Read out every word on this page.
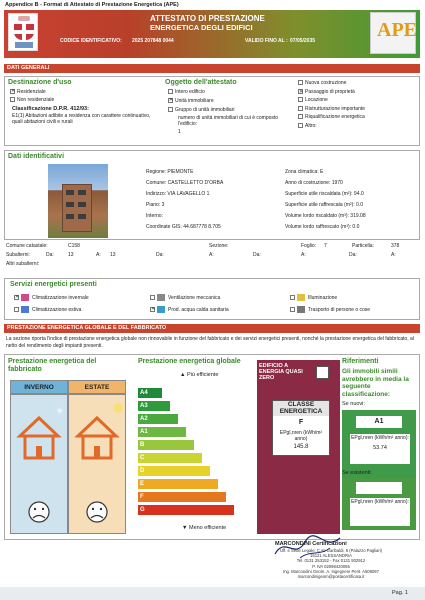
Appendice B - Format di Attestato di Prestazione Energetica (APE)
ATTESTATO DI PRESTAZIONE
ENERGETICA DEGLI EDIFICI
CODICE IDENTIFICATIVO: 2025 207848 0044	VALIDO FINO AL : 07/05/2035	APE
DATI GENERALI
Destinazione d'uso
✕Residenziale
Non residenziale
Classificazione D.P.R. 412/93:
E1(1) Abitazioni adibite a residenza con carattere continuativo, quali abitazioni civili e rurali
Oggetto dell'attestato
Intero edificio
✕Unità immobiliare
Gruppo di unità immobiliari
numero di unità immobiliari di cui è composto l'edificio:
1
Nuova costruzione
✕Passaggio di proprietà
Locazione
Ristrutturazione importante
Riqualificazione energetica
Altro:
Dati identificativi
Regione: PIEMONTE
Comune: CASTELLETTO D'ORBA
Indirizzo: VIA LAVAGELLO 1
Piano: 3
Interno:
Coordinate GIS: 44.687778 8.705
Zona climatica: E
Anno di costruzione: 1970
Superficie utile riscaldata (m²): 94.0
Superficie utile raffrescata (m²): 0.0
Volume lordo riscaldato (m³): 319.08
Volume lordo raffrescato (m³): 0.0
Comune catastale:	C158	Sezione:	Foglio: 7	Particella:	378
Subalterni:	Da:	13	A: 13	Da:	A:	Da:	A:	Da:	A:
Altri subalterni:
Servizi energetici presenti
✕Climatizzazione invernale
Climatizzazione estiva
Ventilazione meccanica
✕Prod. acqua calda sanitaria
Illuminazione
Trasporto di persone o cose
PRESTAZIONE ENERGETICA GLOBALE E DEL FABBRICATO
La sezione riporta l'indice di prestazione energetica globale non rinnovabile in funzione del fabbricato e dei servizi energetici presenti, nonché la prestazione energetica del fabbricato, al netto del rendimento degli impianti presenti.
Prestazione energetica del fabbricato
INVERNO	ESTATE
✳
Prestazione energetica globale
▲ Più efficiente
A4
A3
A2
A1
B
C
D
E
F
G
▼ Meno efficiente
EDIFICIO A ENERGIA QUASI ZERO
CLASSE ENERGETICA
F
EPgl,nren (kWh/m² anno)
145.8
Riferimenti
Gli immobili simili avrebbero in media la seguente classificazione:
Se nuovi:
A1
EPgl,nren (kWh/m² anno):
53.74
Se esistenti:
EPgl,nren (kWh/m² anno):
MARCONDINI Certificazioni
Uff. e Sede Legale: C.so Garibaldi, 5 (Palazzo Pagliari)
15121 ALESSANDRIA
Tel. 0131 253152 - Fax 0131 502912
P. IVA 02098420065
Ing. Marcondini Geom. A. Ingegnere Perit. A508097
marcondinigeom@postacertificata.it
Pag. 1
